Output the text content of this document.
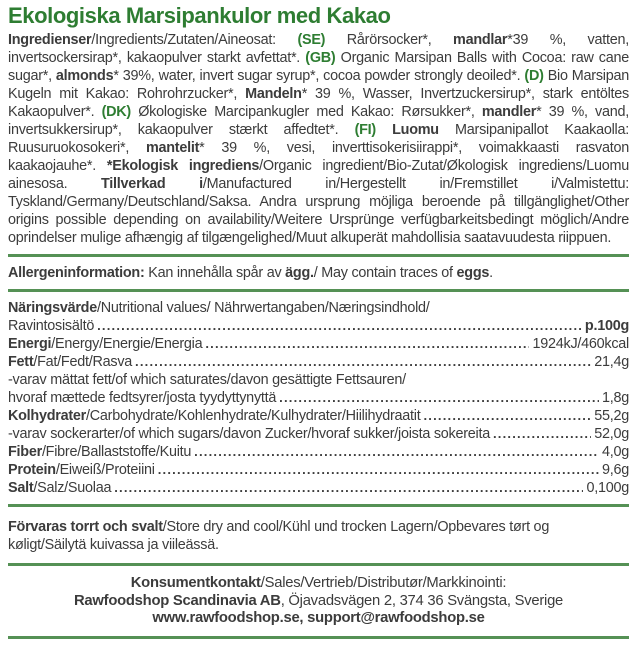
Ekologiska Marsipankulor med Kakao

Ingredienser/Ingredients/Zutaten/Aineosat: (SE) Rårörsocker*, mandlar*39 %, vatten, invertsockersirap*, kakaopulver starkt avfettat*. (GB) Organic Marsipan Balls with Cocoa: raw cane sugar*, almonds* 39%, water, invert sugar syrup*, cocoa powder strongly deoiled*. (D) Bio Marsipan Kugeln mit Kakao: Rohrohrzucker*, Mandeln* 39 %, Wasser, Invertzuckersirup*, stark entöltes Kakaopulver*. (DK) Økologiske Marcipankugler med Kakao: Rørsukker*, mandler* 39 %, vand, invertsukkersirup*, kakaopulver stærkt affedtet*. (FI) Luomu Marsipanipallot Kaakaolla: Ruusuruokosokeri*, mantelit* 39 %, vesi, inverttisokerisiirappi*, voimakkaasti rasvaton kaakaojauhe*. *Ekologisk ingrediens/Organic ingredient/Bio-Zutat/Økologisk ingrediens/Luomu ainesosa. Tillverkad i/Manufactured in/Hergestellt in/Fremstillet i/Valmistettu: Tyskland/Germany/Deutschland/Saksa. Andra ursprung möjliga beroende på tillgänglighet/Other origins possible depending on availability/Weitere Ursprünge verfügbarkeitsbedingt möglich/Andre oprindelser mulige afhængig af tilgængelighed/Muut alkuperät mahdollisia saatavuudesta riippuen.

Allergeninformation: Kan innehålla spår av ägg./ May contain traces of eggs.

Näringsvärde/Nutritional values/ Nährwertangaben/Næringsindhold/
Ravintosisältö .....	p.100g
Energi/Energy/Energie/Energia .....	1924kJ/460kcal
Fett/Fat/Fedt/Rasva .....	21,4g
-varav mättat fett/of which saturates/davon gesättigte Fettsauren/
hvoraf mættede fedtsyrer/josta tyydyttynyttä .....	1,8g
Kolhydrater/Carbohydrate/Kohlenhydrate/Kulhydrater/Hiilihydraatit .....	55,2g
-varav sockerarter/of which sugars/davon Zucker/hvoraf sukker/joista sokereita .....	52,0g
Fiber/Fibre/Ballaststoffe/Kuitu .....	4,0g
Protein/Eiweiß/Proteiini .....	9,6g
Salt/Salz/Suolaa .....	0,100g

Förvaras torrt och svalt/Store dry and cool/Kühl und trocken Lagern/Opbevares tørt og køligt/Säilytä kuivassa ja viileässä.

Konsumentkontakt/Sales/Vertrieb/Distributør/Markkinointi:
Rawfoodshop Scandinavia AB, Öjavadsvägen 2, 374 36 Svängsta, Sverige
www.rawfoodshop.se, support@rawfoodshop.se
